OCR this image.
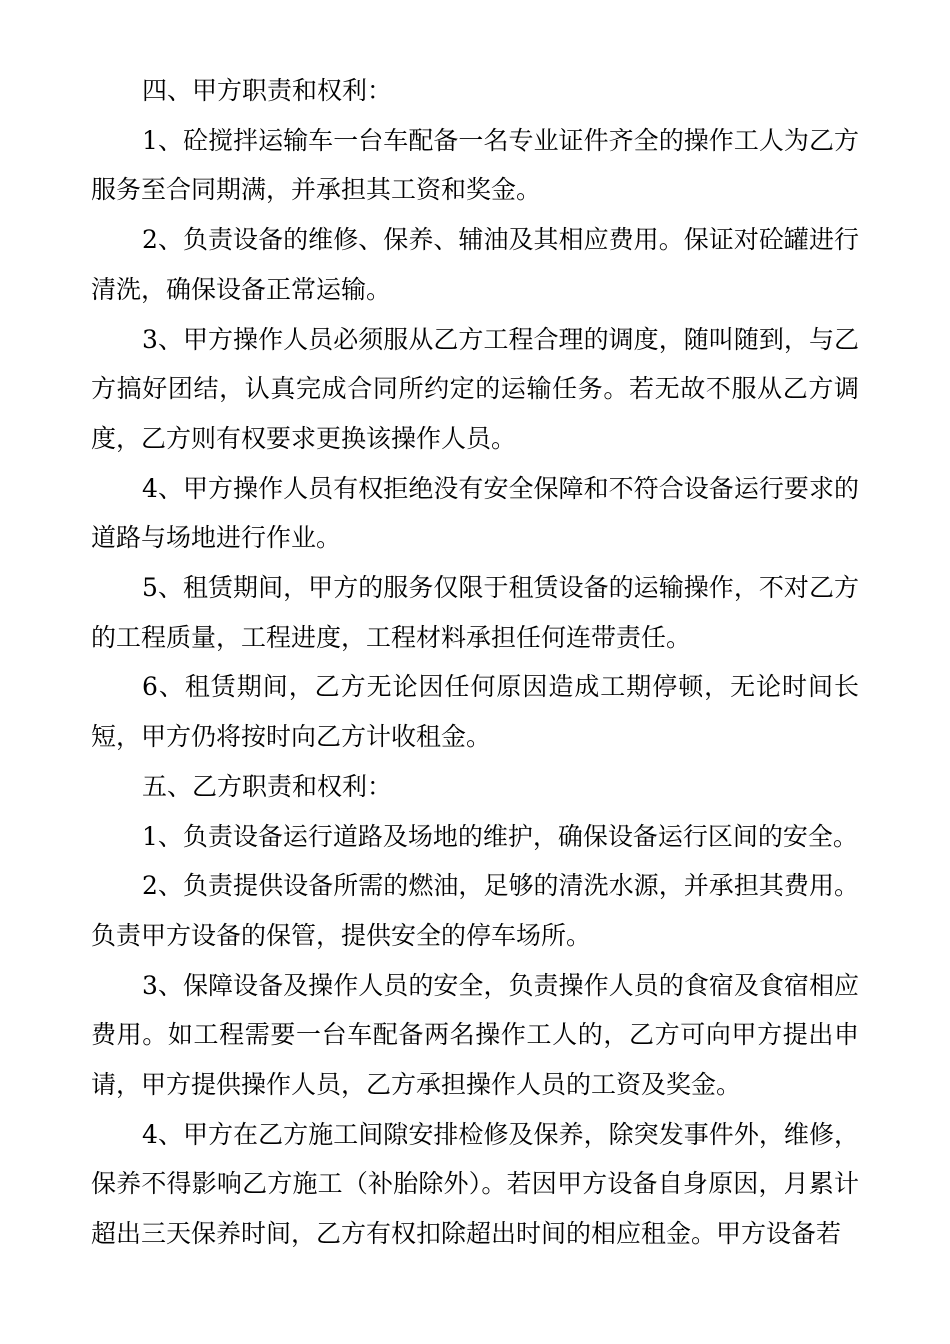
四、甲方职责和权利：

1、砼搅拌运输车一台车配备一名专业证件齐全的操作工人为乙方服务至合同期满，并承担其工资和奖金。

2、负责设备的维修、保养、辅油及其相应费用。保证对砼罐进行清洗，确保设备正常运输。

3、甲方操作人员必须服从乙方工程合理的调度，随叫随到，与乙方搞好团结，认真完成合同所约定的运输任务。若无故不服从乙方调度，乙方则有权要求更换该操作人员。

4、甲方操作人员有权拒绝没有安全保障和不符合设备运行要求的道路与场地进行作业。

5、租赁期间，甲方的服务仅限于租赁设备的运输操作，不对乙方的工程质量，工程进度，工程材料承担任何连带责任。

6、租赁期间，乙方无论因任何原因造成工期停顿，无论时间长短，甲方仍将按时向乙方计收租金。

五、乙方职责和权利：

1、负责设备运行道路及场地的维护，确保设备运行区间的安全。

2、负责提供设备所需的燃油，足够的清洗水源，并承担其费用。负责甲方设备的保管，提供安全的停车场所。

3、保障设备及操作人员的安全，负责操作人员的食宿及食宿相应费用。如工程需要一台车配备两名操作工人的，乙方可向甲方提出申请，甲方提供操作人员，乙方承担操作人员的工资及奖金。

4、甲方在乙方施工间隙安排检修及保养，除突发事件外，维修，保养不得影响乙方施工（补胎除外）。若因甲方设备自身原因，月累计超出三天保养时间，乙方有权扣除超出时间的相应租金。甲方设备若
